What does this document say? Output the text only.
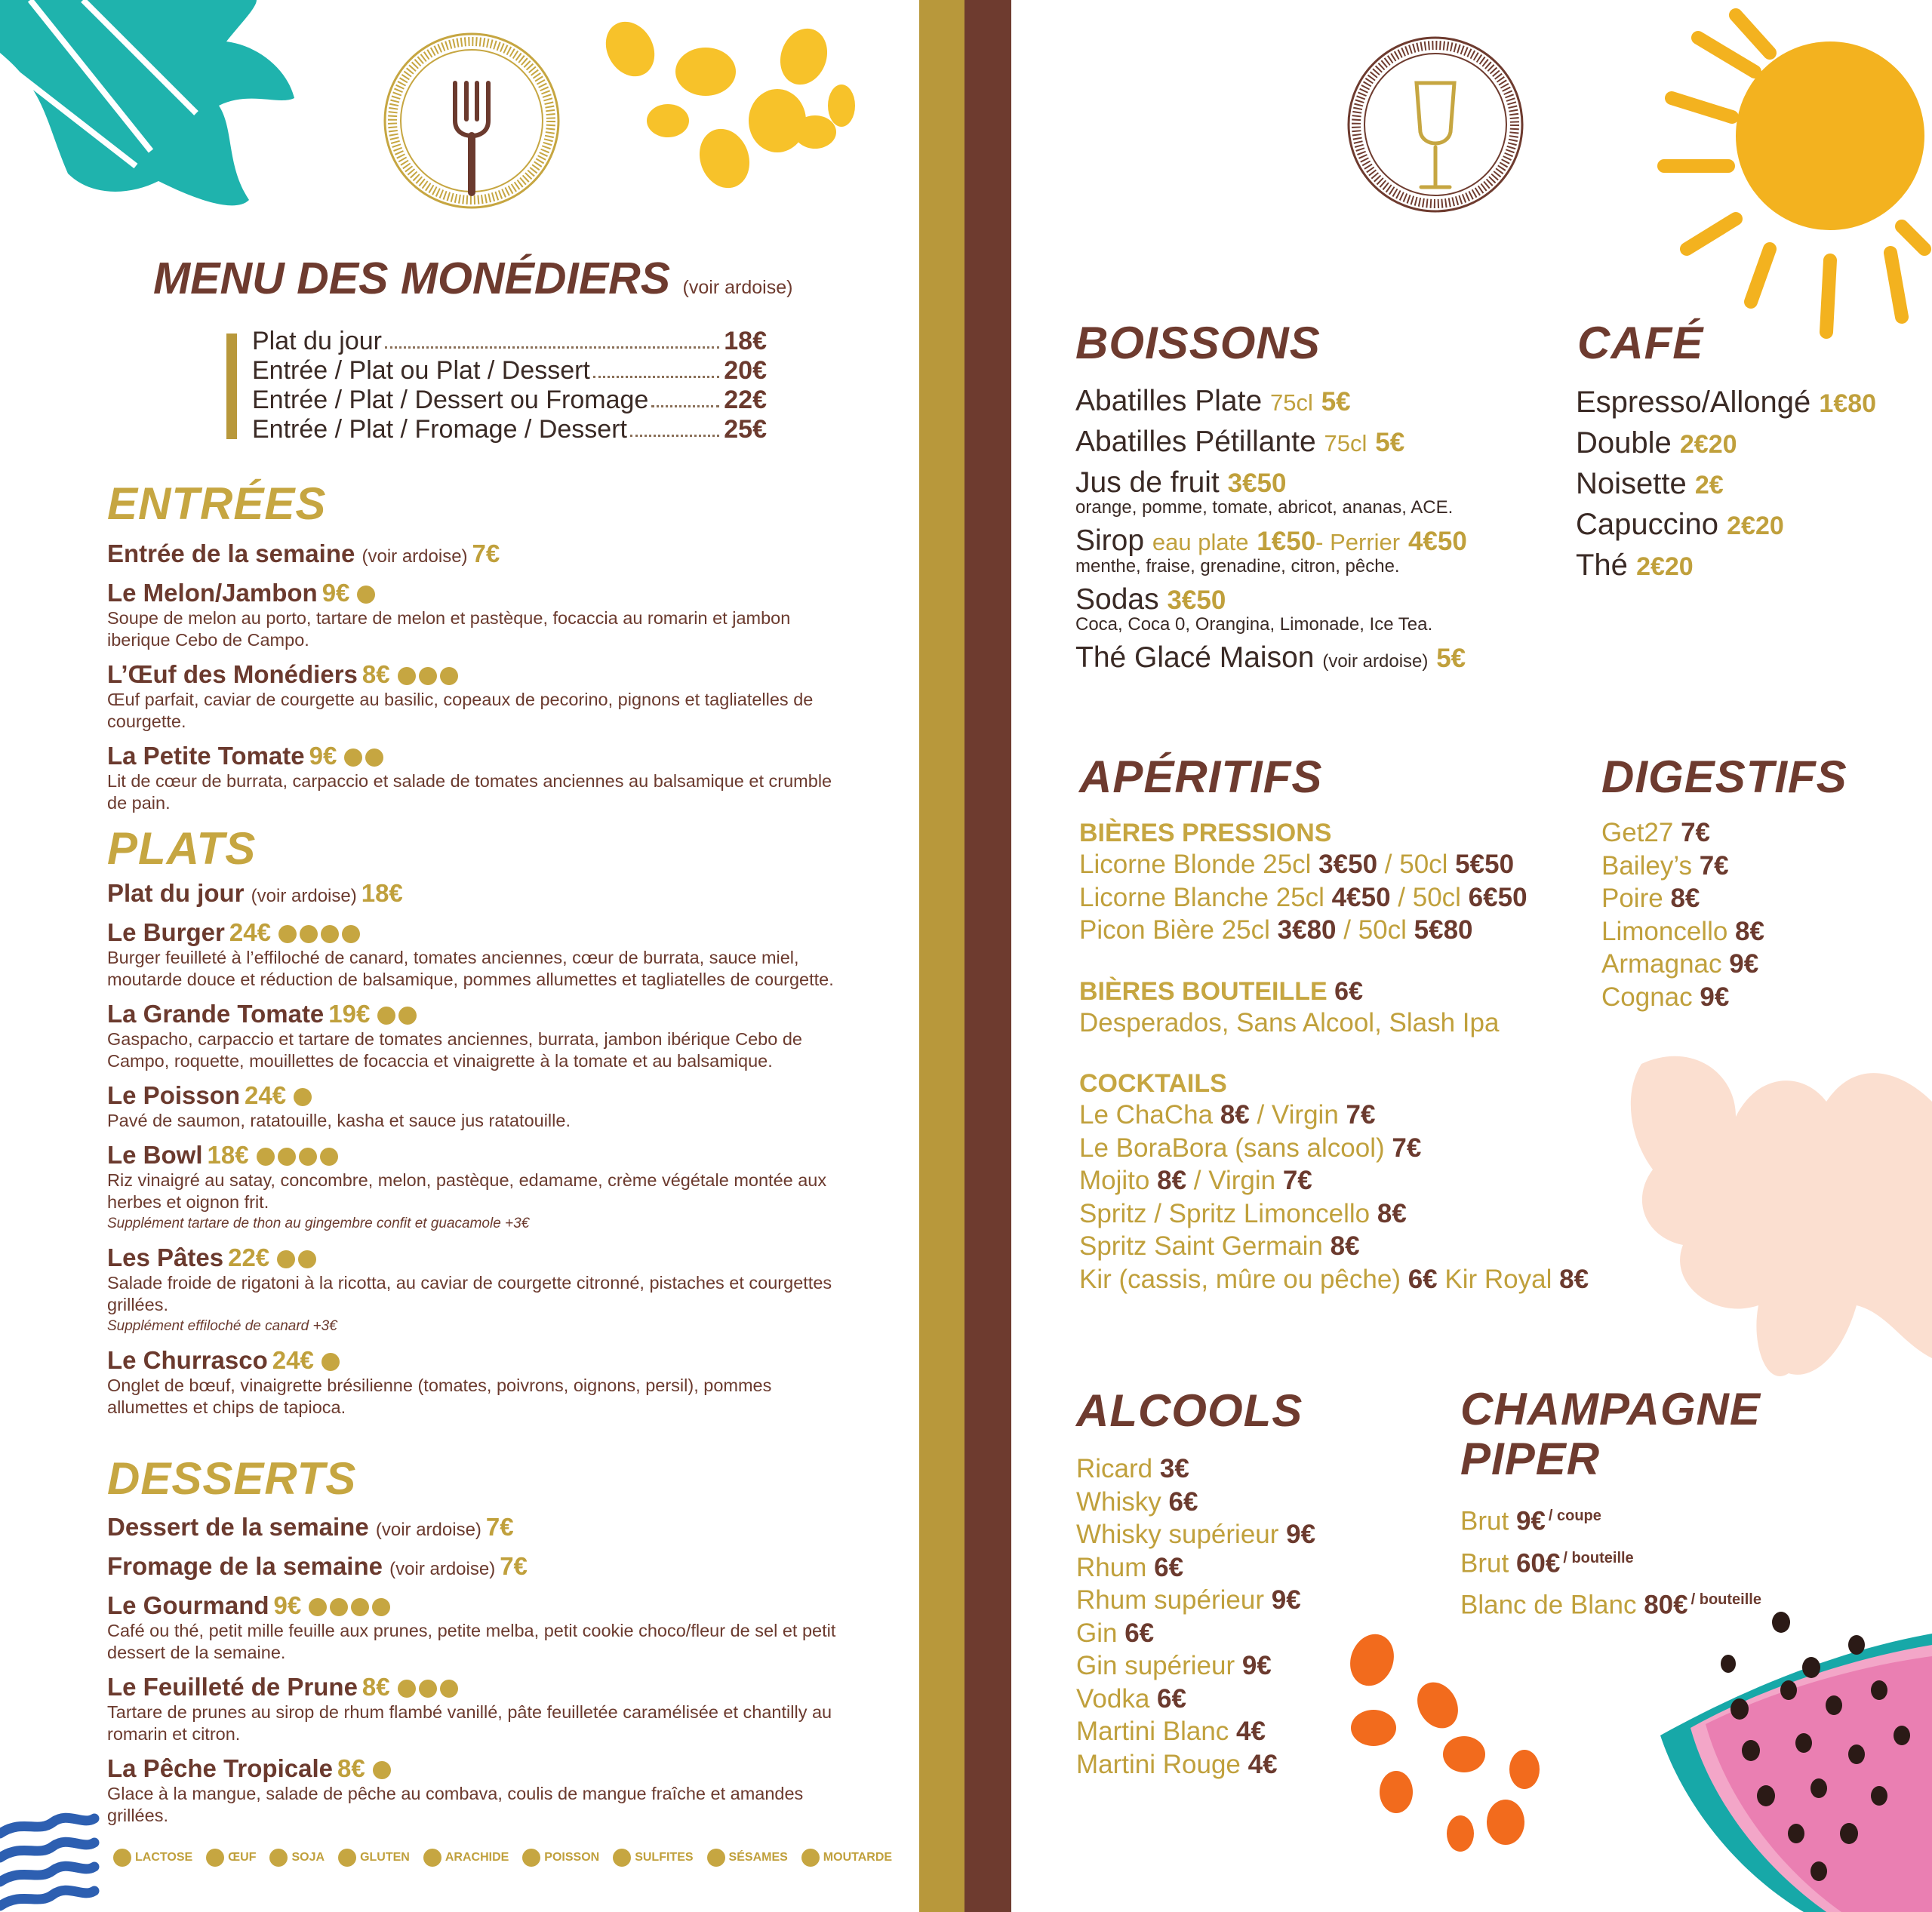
MENU DES MONÉDIERS (voir ardoise)
Plat du jour	18€
Entrée / Plat ou Plat / Dessert	20€
Entrée / Plat / Dessert ou Fromage	22€
Entrée / Plat / Fromage / Dessert	25€
ENTRÉES
Entrée de la semaine (voir ardoise) 7€
Le Melon/Jambon 9€
Soupe de melon au porto, tartare de melon et pastèque, focaccia au romarin et jambon iberique Cebo de Campo.
L’Œuf des Monédiers 8€
Œuf parfait, caviar de courgette au basilic, copeaux de pecorino, pignons et tagliatelles de courgette.
La Petite Tomate 9€
Lit de cœur de burrata, carpaccio et salade de tomates anciennes au balsamique et crumble de pain.
PLATS
Plat du jour (voir ardoise) 18€
Le Burger 24€
Burger feuilleté à l’effiloché de canard, tomates anciennes, cœur de burrata, sauce miel, moutarde douce et réduction de balsamique, pommes allumettes et tagliatelles de courgette.
La Grande Tomate 19€
Gaspacho, carpaccio et tartare de tomates anciennes, burrata, jambon ibérique Cebo de Campo, roquette, mouillettes de focaccia et vinaigrette à la tomate et au balsamique.
Le Poisson 24€
Pavé de saumon, ratatouille, kasha et sauce jus ratatouille.
Le Bowl 18€
Riz vinaigré au satay, concombre, melon, pastèque, edamame, crème végétale montée aux herbes et oignon frit.
Supplément tartare de thon au gingembre confit et guacamole +3€
Les Pâtes 22€
Salade froide de rigatoni à la ricotta, au caviar de courgette citronné, pistaches et courgettes grillées.
Supplément effiloché de canard +3€
Le Churrasco 24€
Onglet de bœuf, vinaigrette brésilienne (tomates, poivrons, oignons, persil), pommes allumettes et chips de tapioca.
DESSERTS
Dessert de la semaine (voir ardoise) 7€
Fromage de la semaine (voir ardoise) 7€
Le Gourmand 9€
Café ou thé, petit mille feuille aux prunes, petite melba, petit cookie choco/fleur de sel et petit dessert de la semaine.
Le Feuilleté de Prune 8€
Tartare de prunes au sirop de rhum flambé vanillé, pâte feuilletée caramélisée et chantilly au romarin et citron.
La Pêche Tropicale 8€
Glace à la mangue, salade de pêche au combava, coulis de mangue fraîche et amandes grillées.
LACTOSE	ŒUF	SOJA	GLUTEN	ARACHIDE	POISSON	SULFITES	SÉSAMES	MOUTARDE
BOISSONS
Abatilles Plate 75cl 5€
Abatilles Pétillante 75cl 5€
Jus de fruit 3€50
orange, pomme, tomate, abricot, ananas, ACE.
Sirop eau plate 1€50- Perrier 4€50
menthe, fraise, grenadine, citron, pêche.
Sodas 3€50
Coca, Coca 0, Orangina, Limonade, Ice Tea.
Thé Glacé Maison (voir ardoise) 5€
CAFÉ
Espresso/Allongé 1€80
Double 2€20
Noisette 2€
Capuccino 2€20
Thé 2€20
APÉRITIFS
BIÈRES PRESSIONS
Licorne Blonde 25cl 3€50 / 50cl 5€50
Licorne Blanche 25cl 4€50 / 50cl 6€50
Picon Bière 25cl 3€80 / 50cl 5€80
BIÈRES BOUTEILLE 6€
Desperados, Sans Alcool, Slash Ipa
COCKTAILS
Le ChaCha 8€ / Virgin 7€
Le BoraBora (sans alcool) 7€
Mojito 8€ / Virgin 7€
Spritz / Spritz Limoncello 8€
Spritz Saint Germain 8€
Kir (cassis, mûre ou pêche) 6€ Kir Royal 8€
DIGESTIFS
Get27 7€
Bailey’s 7€
Poire 8€
Limoncello 8€
Armagnac 9€
Cognac 9€
ALCOOLS
Ricard 3€
Whisky 6€
Whisky supérieur 9€
Rhum 6€
Rhum supérieur 9€
Gin 6€
Gin supérieur 9€
Vodka 6€
Martini Blanc 4€
Martini Rouge 4€
CHAMPAGNE
PIPER
Brut 9€ $^{/ coupe}$
Brut 60€ $^{/ bouteille}$
Blanc de Blanc 80€ $^{/ bouteille}$
